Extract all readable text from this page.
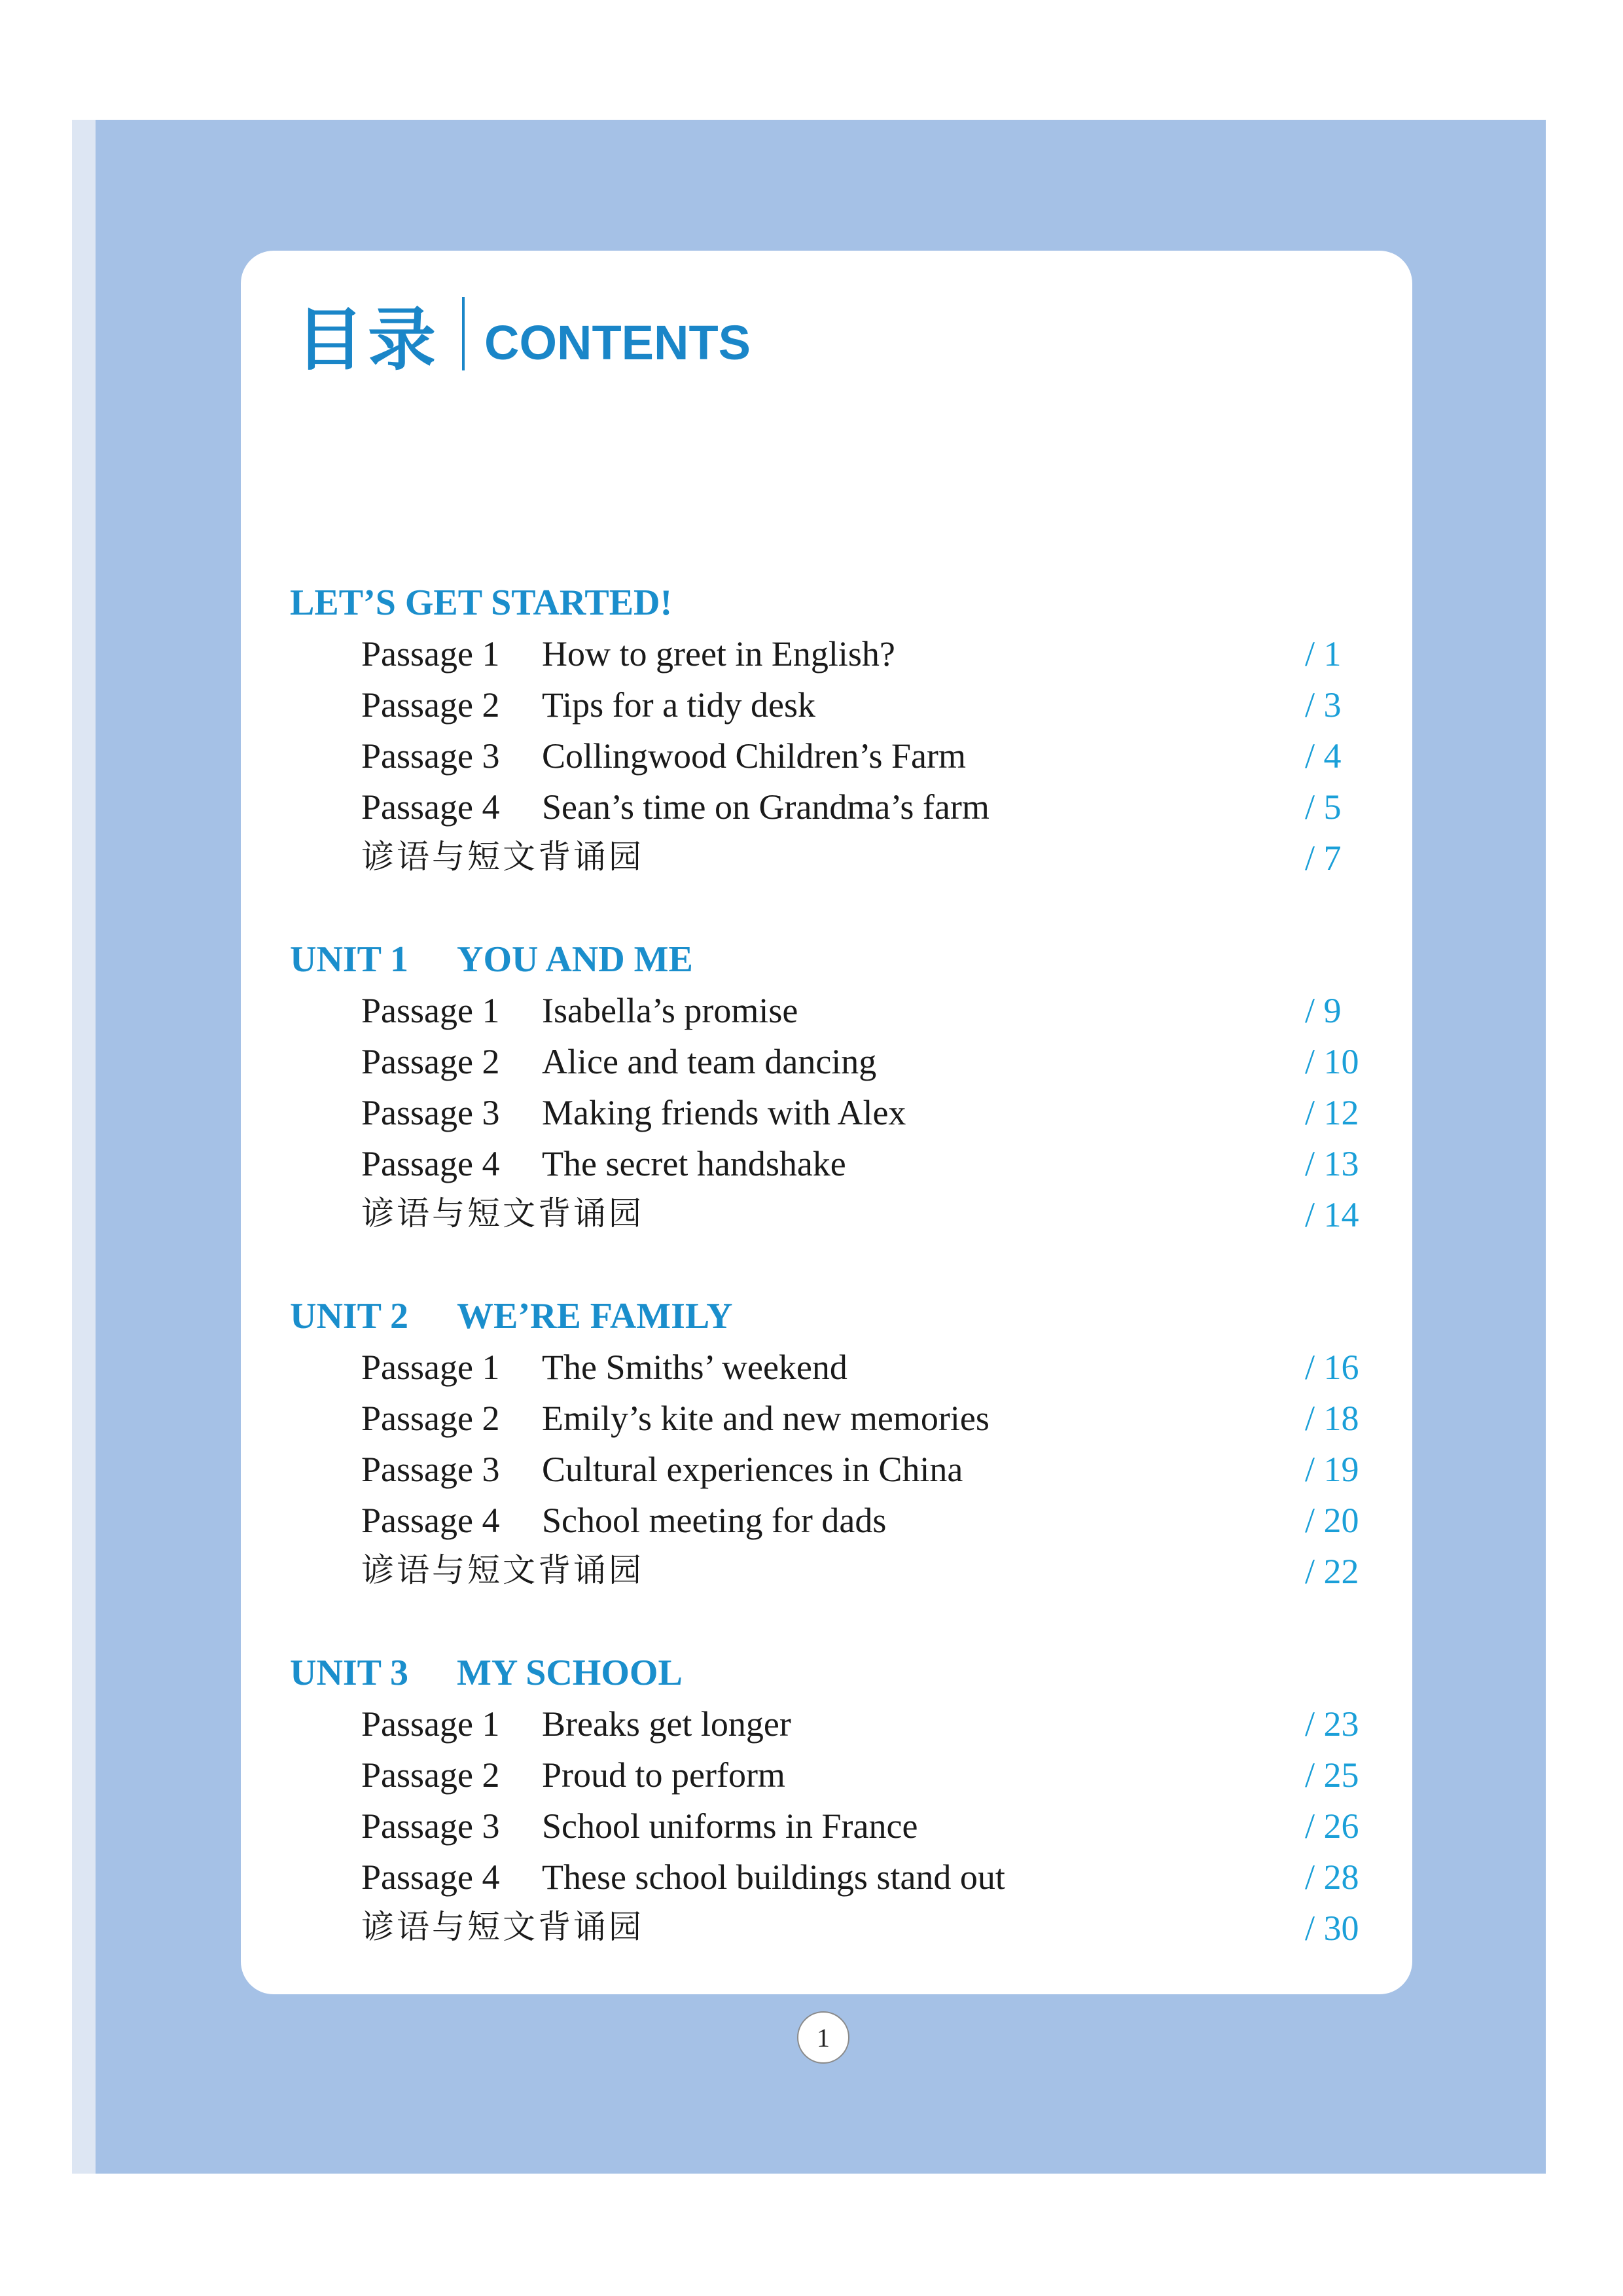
目录 CONTENTS
LET’S GET STARTED!
Passage 1 How to greet in English?	/ 1
Passage 2 Tips for a tidy desk	/ 3
Passage 3 Collingwood Children’s Farm	/ 4
Passage 4 Sean’s time on Grandma’s farm	/ 5
谚语与短文背诵园	/ 7
UNIT 1 YOU AND ME
Passage 1 Isabella’s promise	/ 9
Passage 2 Alice and team dancing	/ 10
Passage 3 Making friends with Alex	/ 12
Passage 4 The secret handshake	/ 13
谚语与短文背诵园	/ 14
UNIT 2 WE’RE FAMILY
Passage 1 The Smiths’ weekend	/ 16
Passage 2 Emily’s kite and new memories	/ 18
Passage 3 Cultural experiences in China	/ 19
Passage 4 School meeting for dads	/ 20
谚语与短文背诵园	/ 22
UNIT 3 MY SCHOOL
Passage 1 Breaks get longer	/ 23
Passage 2 Proud to perform	/ 25
Passage 3 School uniforms in France	/ 26
Passage 4 These school buildings stand out	/ 28
谚语与短文背诵园	/ 30
1
